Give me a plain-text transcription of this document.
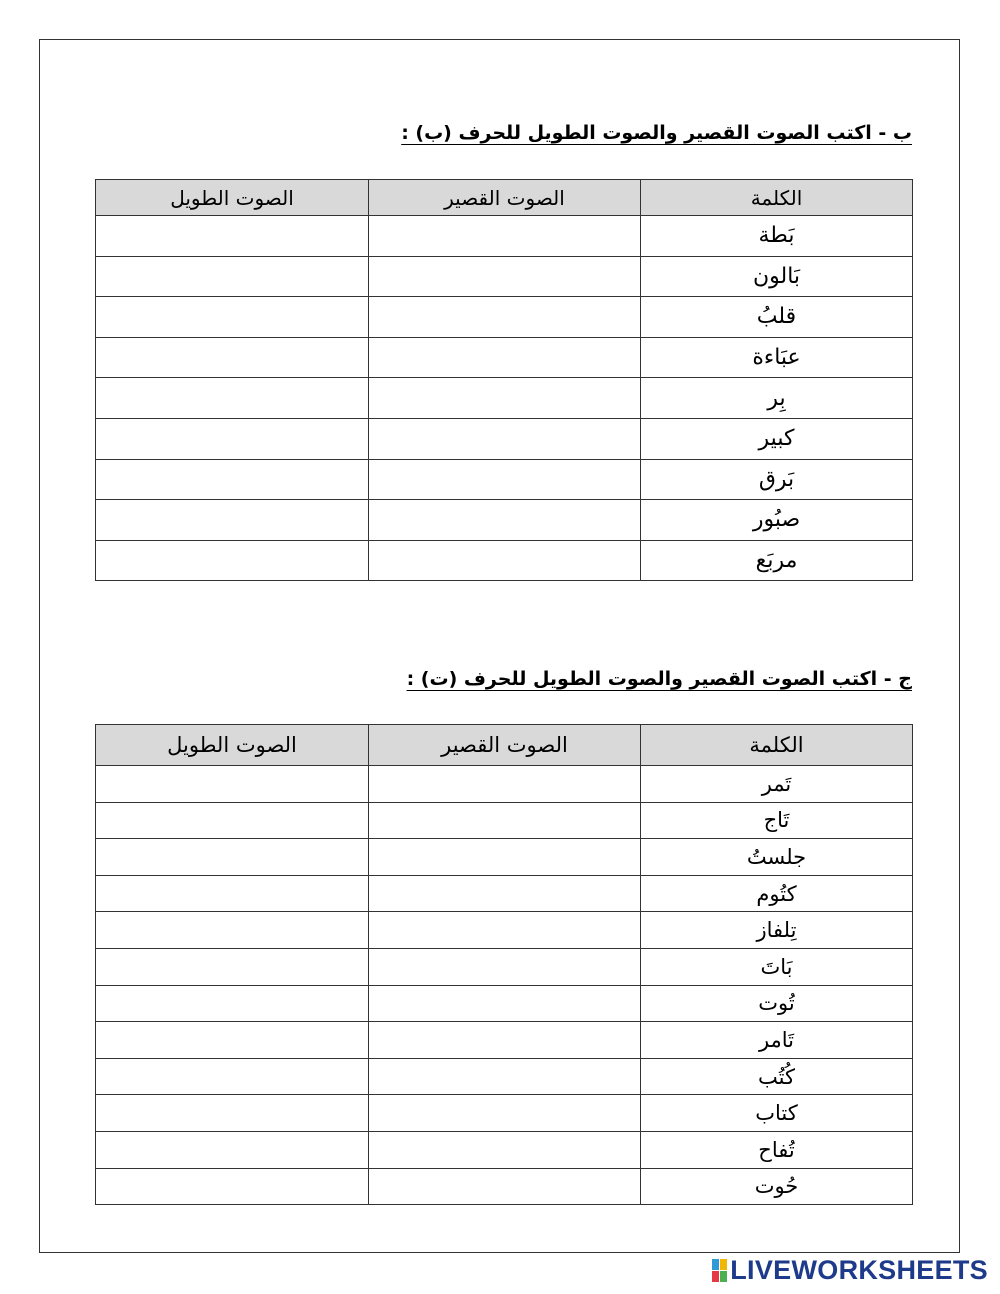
ب - اكتب الصوت القصير والصوت الطويل للحرف (ب) :
الكلمة	الصوت القصير	الصوت الطويل
بَطة		
بَالون		
قلبُ		
عبَاءة		
بِر		
كبير		
بَرق		
صبُور		
مربَع		
ج - اكتب الصوت القصير والصوت الطويل للحرف (ت) :
الكلمة	الصوت القصير	الصوت الطويل
تَمر		
تَاج		
جلستُ		
كتُوم		
تِلفاز		
بَاتَ		
تُوت		
تَامر		
كُتُب		
كتاب		
تُفاح		
حُوت		
LIVEWORKSHEETS
